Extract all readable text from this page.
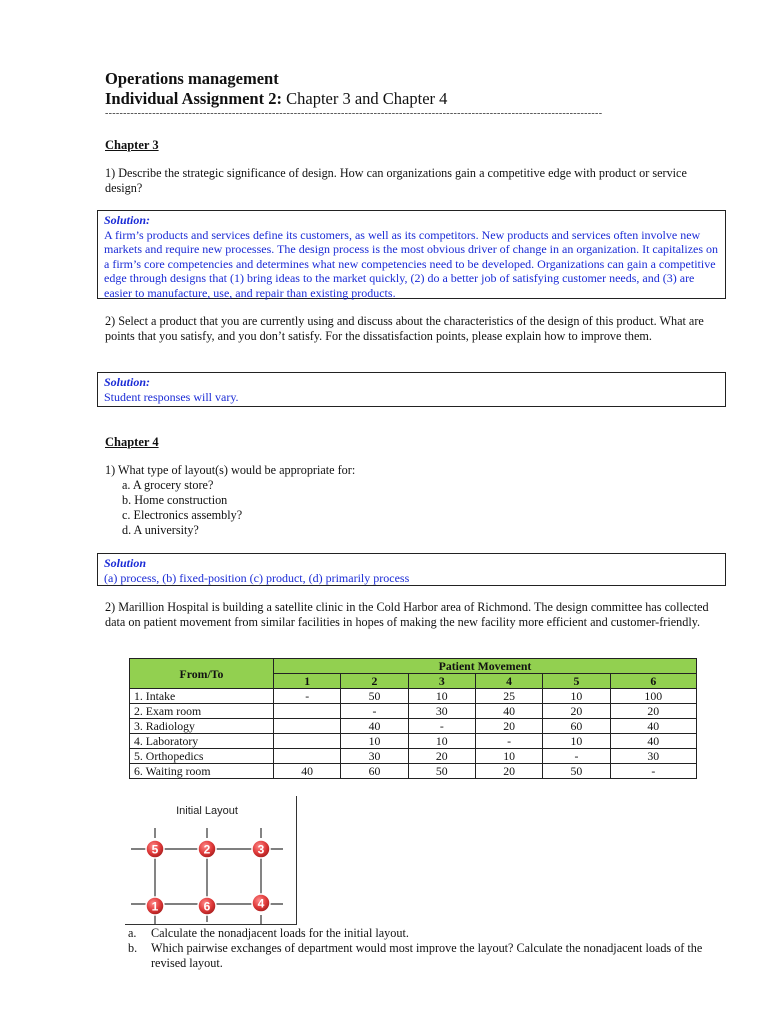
Operations management
Individual Assignment 2: Chapter 3 and Chapter 4
-----------------------------------------------------------------------------------------------------------------------------------------
Chapter 3
1) Describe the strategic significance of design. How can organizations gain a competitive edge with product or service design?
Solution:
A firm’s products and services define its customers, as well as its competitors. New products and services often involve new markets and require new processes. The design process is the most obvious driver of change in an organization. It capitalizes on a firm’s core competencies and determines what new competencies need to be developed. Organizations can gain a competitive edge through designs that (1) bring ideas to the market quickly, (2) do a better job of satisfying customer needs, and (3) are easier to manufacture, use, and repair than existing products.
2) Select a product that you are currently using and discuss about the characteristics of the design of this product. What are points that you satisfy, and you don’t satisfy. For the dissatisfaction points, please explain how to improve them.
Solution:
Student responses will vary.
Chapter 4
1) What type of layout(s) would be appropriate for:
a. A grocery store?
b. Home construction
c. Electronics assembly?
d. A university?
Solution
(a) process, (b) fixed-position (c) product, (d) primarily process
2) Marillion Hospital is building a satellite clinic in the Cold Harbor area of Richmond. The design committee has collected data on patient movement from similar facilities in hopes of making the new facility more efficient and customer-friendly.
From/To	Patient Movement					
	1	2	3	4	5	6
1. Intake	-	50	10	25	10	100
2. Exam room		-	30	40	20	20
3. Radiology		40	-	20	60	40
4. Laboratory		10	10	-	10	40
5. Orthopedics		30	20	10	-	30
6. Waiting room	40	60	50	20	50	-
Initial Layout
5	2	3
1	6	4
a.	Calculate the nonadjacent loads for the initial layout.
b.	Which pairwise exchanges of department would most improve the layout? Calculate the nonadjacent loads of the revised layout.
